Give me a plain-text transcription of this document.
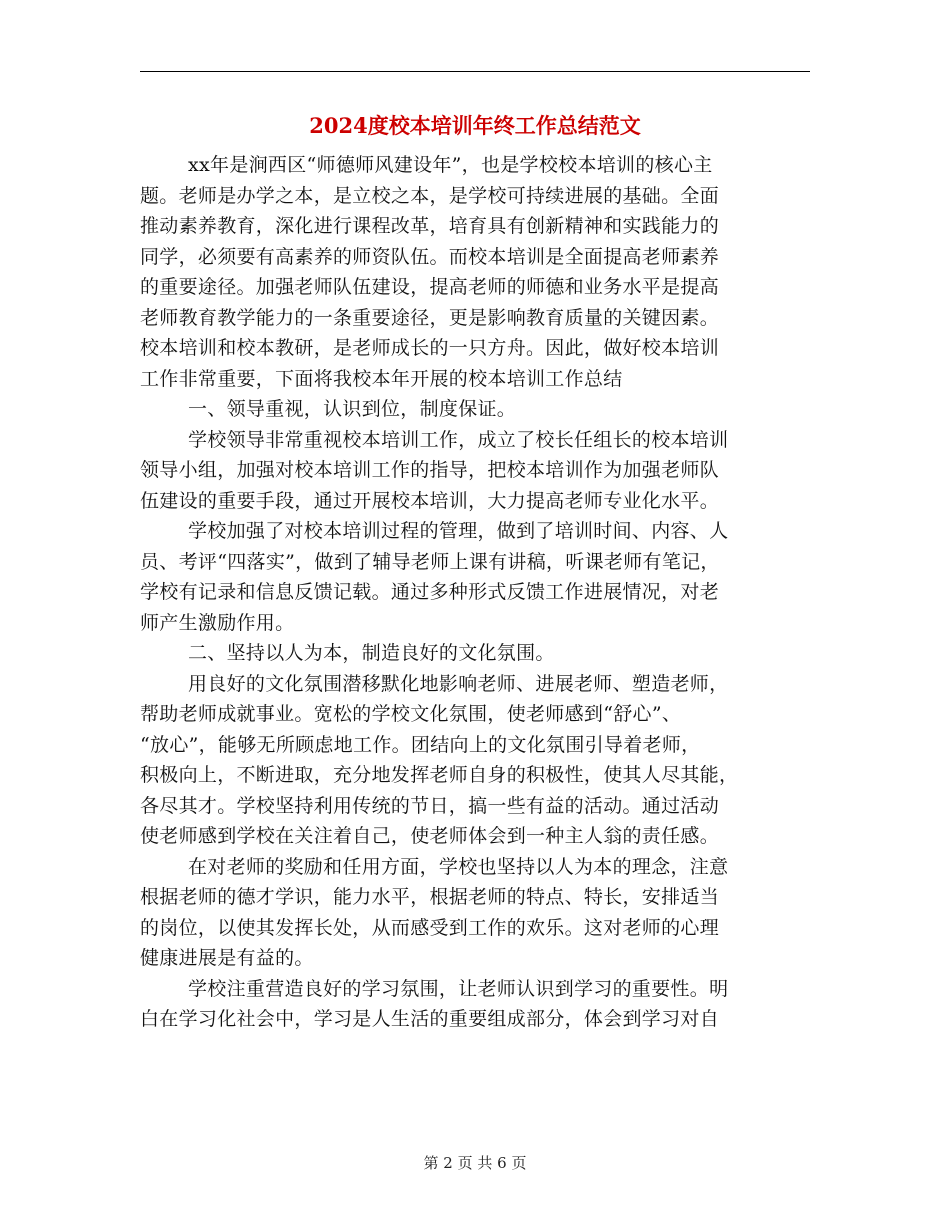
2024度校本培训年终工作总结范文
xx年是涧西区“师德师风建设年”，也是学校校本培训的核心主
题。老师是办学之本，是立校之本，是学校可持续进展的基础。全面
推动素养教育，深化进行课程改革，培育具有创新精神和实践能力的
同学，必须要有高素养的师资队伍。而校本培训是全面提高老师素养
的重要途径。加强老师队伍建设，提高老师的师德和业务水平是提高
老师教育教学能力的一条重要途径，更是影响教育质量的关键因素。
校本培训和校本教研，是老师成长的一只方舟。因此，做好校本培训
工作非常重要，下面将我校本年开展的校本培训工作总结
一、领导重视，认识到位，制度保证。
学校领导非常重视校本培训工作，成立了校长任组长的校本培训
领导小组，加强对校本培训工作的指导，把校本培训作为加强老师队
伍建设的重要手段，通过开展校本培训，大力提高老师专业化水平。
学校加强了对校本培训过程的管理，做到了培训时间、内容、人
员、考评“四落实”，做到了辅导老师上课有讲稿，听课老师有笔记，
学校有记录和信息反馈记载。通过多种形式反馈工作进展情况，对老
师产生激励作用。
二、坚持以人为本，制造良好的文化氛围。
用良好的文化氛围潜移默化地影响老师、进展老师、塑造老师，
帮助老师成就事业。宽松的学校文化氛围，使老师感到“舒心”、
“放心”，能够无所顾虑地工作。团结向上的文化氛围引导着老师，
积极向上，不断进取，充分地发挥老师自身的积极性，使其人尽其能，
各尽其才。学校坚持利用传统的节日，搞一些有益的活动。通过活动
使老师感到学校在关注着自己，使老师体会到一种主人翁的责任感。
在对老师的奖励和任用方面，学校也坚持以人为本的理念，注意
根据老师的德才学识，能力水平，根据老师的特点、特长，安排适当
的岗位，以使其发挥长处，从而感受到工作的欢乐。这对老师的心理
健康进展是有益的。
学校注重营造良好的学习氛围，让老师认识到学习的重要性。明
白在学习化社会中，学习是人生活的重要组成部分，体会到学习对自
第 2 页 共 6 页
